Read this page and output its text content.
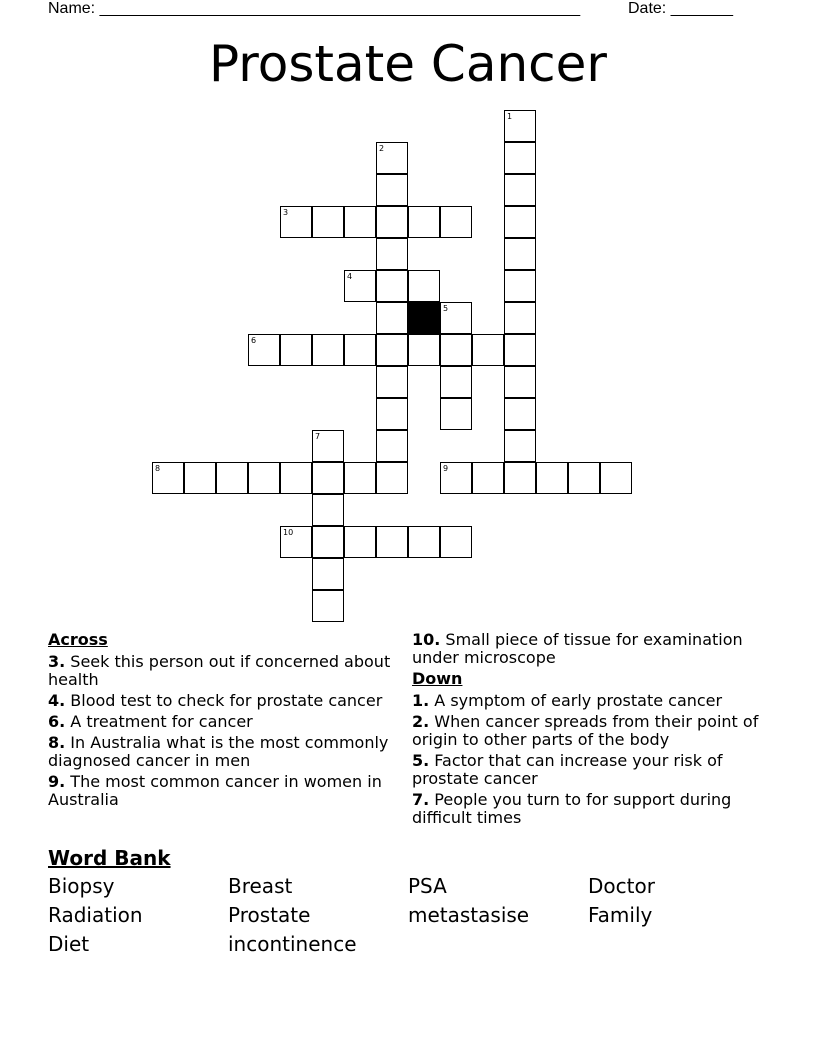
Name: ______________________________________________________	Date: _______
Prostate Cancer
1
2
3
4
5
6
7
8	9
10
Across
3. Seek this person out if concerned about health
4. Blood test to check for prostate cancer
6. A treatment for cancer
8. In Australia what is the most commonly diagnosed cancer in men
9. The most common cancer in women in Australia
10. Small piece of tissue for examination under microscope
Down
1. A symptom of early prostate cancer
2. When cancer spreads from their point of origin to other parts of the body
5. Factor that can increase your risk of prostate cancer
7. People you turn to for support during difficult times
Word Bank
Biopsy	Breast	PSA	Doctor
Radiation	Prostate	metastasise	Family
Diet	incontinence
